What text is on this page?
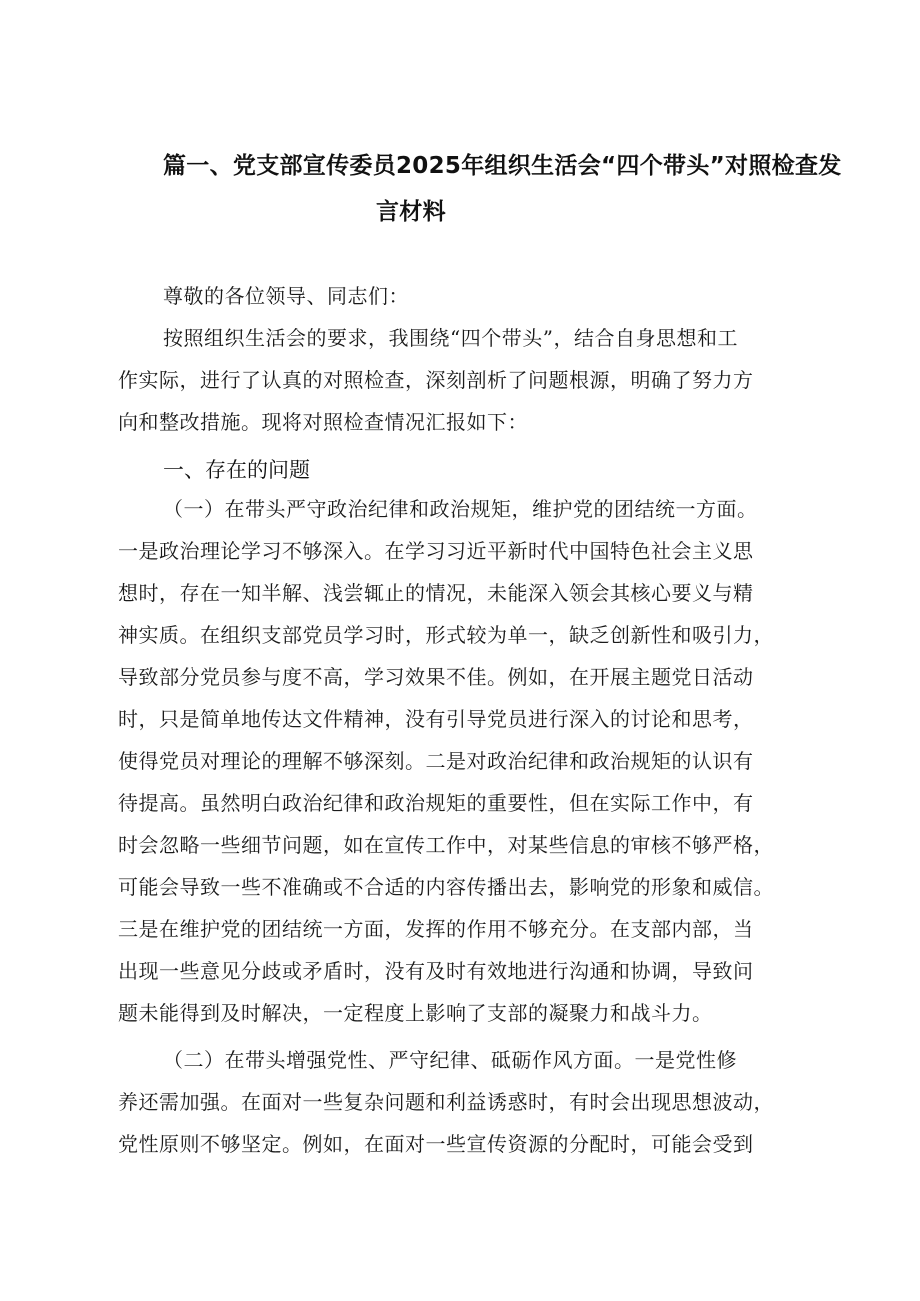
篇一、党支部宣传委员2025年组织生活会“四个带头”对照检查发
言材料
尊敬的各位领导、同志们：
按照组织生活会的要求，我围绕“四个带头”，结合自身思想和工
作实际，进行了认真的对照检查，深刻剖析了问题根源，明确了努力方
向和整改措施。现将对照检查情况汇报如下：
一、存在的问题
（一）在带头严守政治纪律和政治规矩，维护党的团结统一方面。
一是政治理论学习不够深入。在学习习近平新时代中国特色社会主义思
想时，存在一知半解、浅尝辄止的情况，未能深入领会其核心要义与精
神实质。在组织支部党员学习时，形式较为单一，缺乏创新性和吸引力，
导致部分党员参与度不高，学习效果不佳。例如，在开展主题党日活动
时，只是简单地传达文件精神，没有引导党员进行深入的讨论和思考，
使得党员对理论的理解不够深刻。二是对政治纪律和政治规矩的认识有
待提高。虽然明白政治纪律和政治规矩的重要性，但在实际工作中，有
时会忽略一些细节问题，如在宣传工作中，对某些信息的审核不够严格，
可能会导致一些不准确或不合适的内容传播出去，影响党的形象和威信。
三是在维护党的团结统一方面，发挥的作用不够充分。在支部内部，当
出现一些意见分歧或矛盾时，没有及时有效地进行沟通和协调，导致问
题未能得到及时解决，一定程度上影响了支部的凝聚力和战斗力。
（二）在带头增强党性、严守纪律、砥砺作风方面。一是党性修
养还需加强。在面对一些复杂问题和利益诱惑时，有时会出现思想波动，
党性原则不够坚定。例如，在面对一些宣传资源的分配时，可能会受到
